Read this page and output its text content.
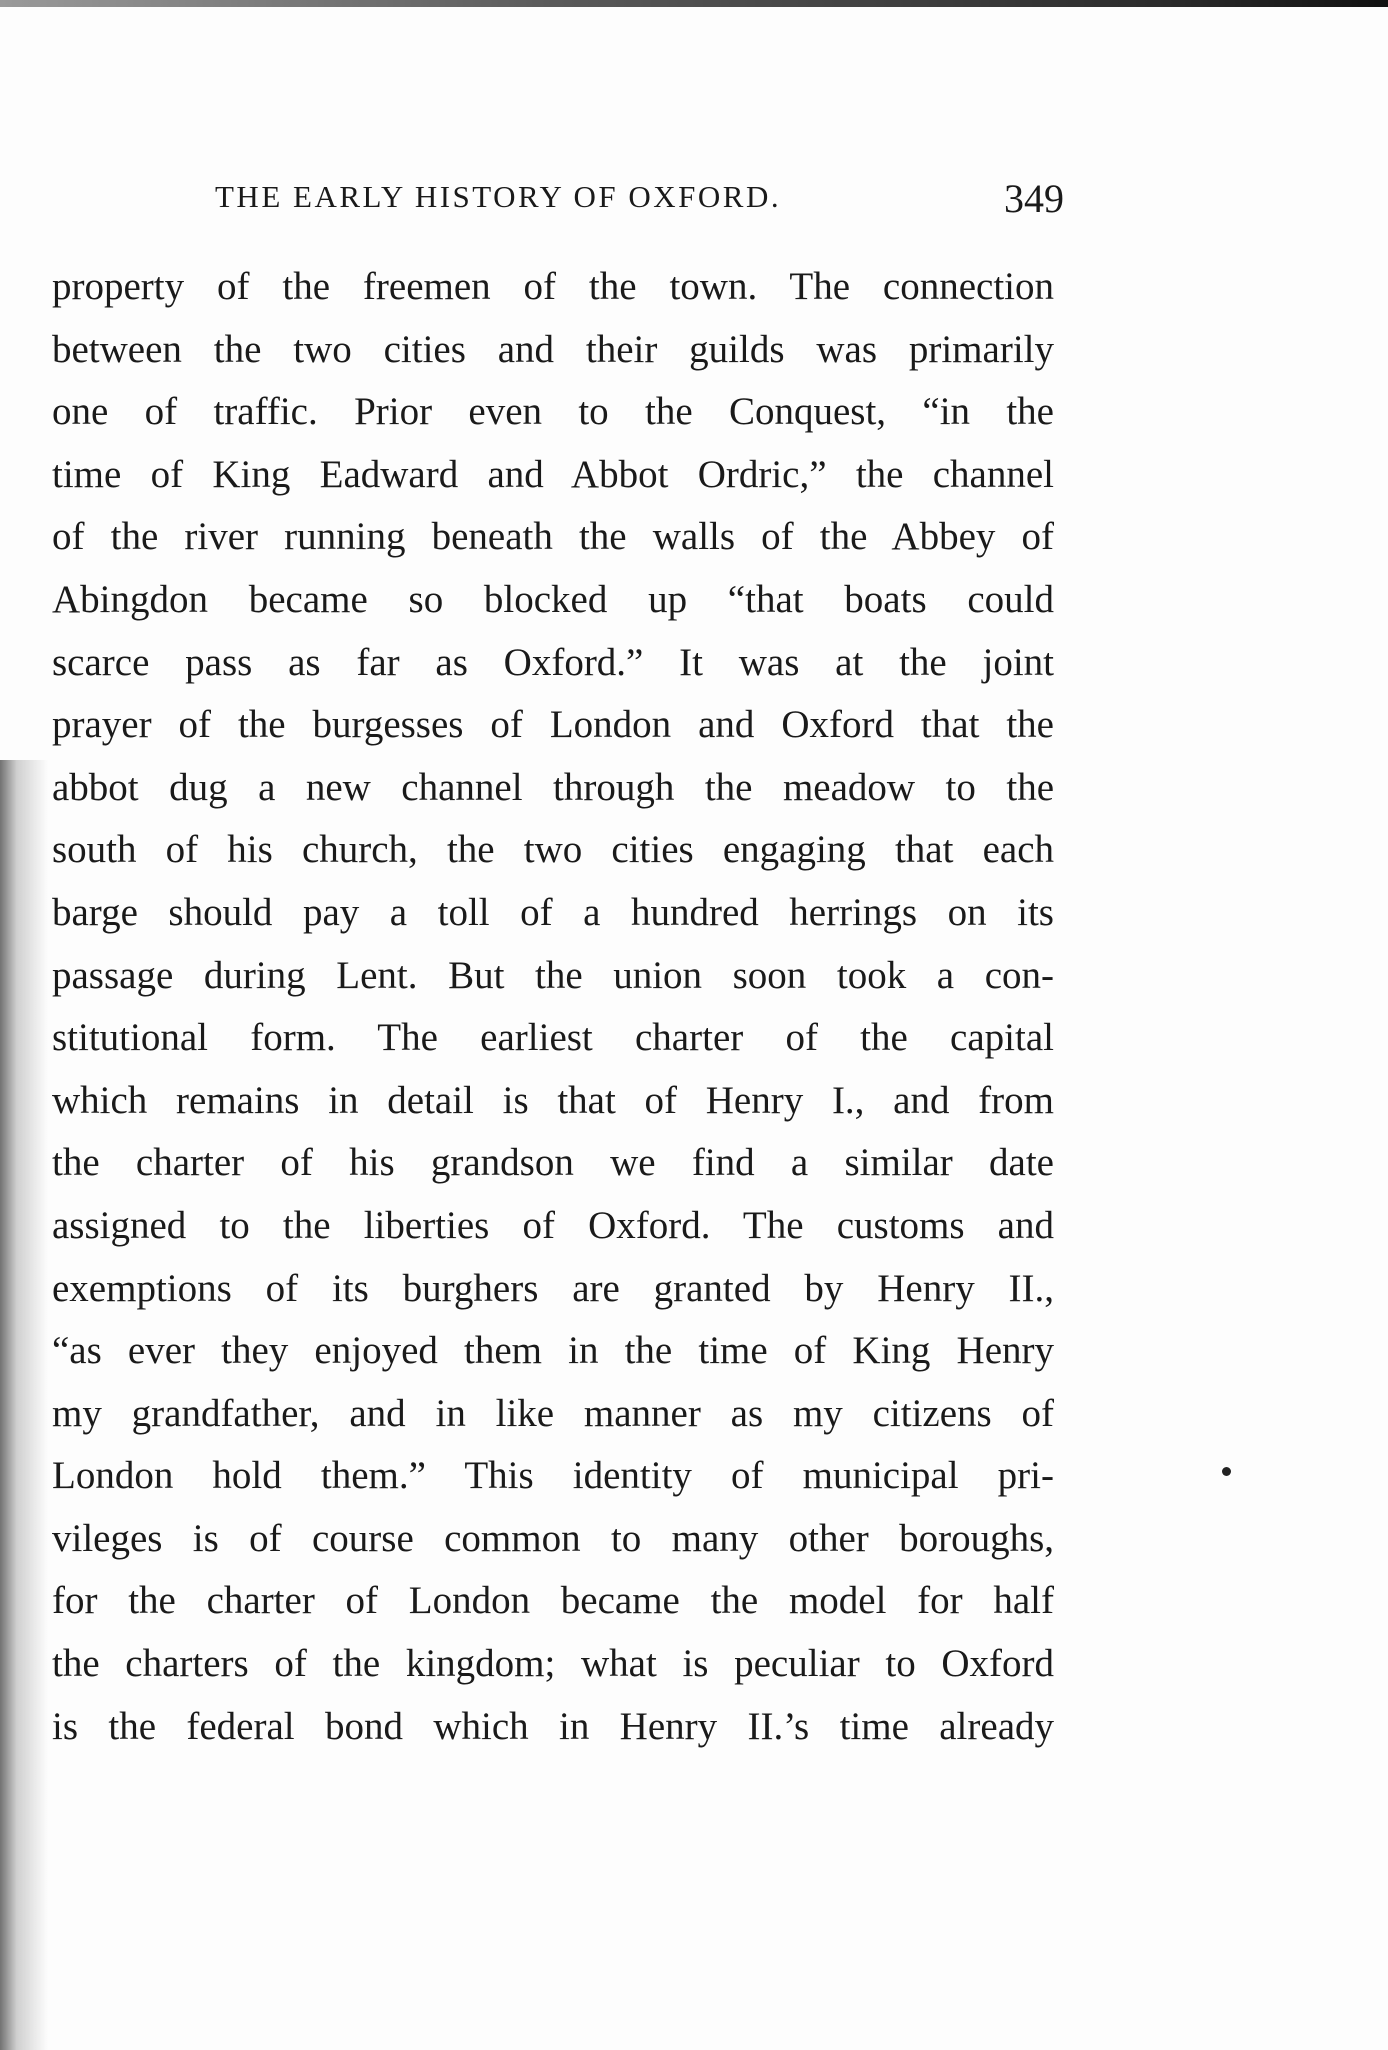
THE EARLY HISTORY OF OXFORD.	349
property of the freemen of the town. The connection
between the two cities and their guilds was primarily
one of traffic. Prior even to the Conquest, “in the
time of King Eadward and Abbot Ordric,” the channel
of the river running beneath the walls of the Abbey of
Abingdon became so blocked up “that boats could
scarce pass as far as Oxford.” It was at the joint
prayer of the burgesses of London and Oxford that the
abbot dug a new channel through the meadow to the
south of his church, the two cities engaging that each
barge should pay a toll of a hundred herrings on its
passage during Lent. But the union soon took a con-
stitutional form. The earliest charter of the capital
which remains in detail is that of Henry I., and from
the charter of his grandson we find a similar date
assigned to the liberties of Oxford. The customs and
exemptions of its burghers are granted by Henry II.,
“as ever they enjoyed them in the time of King Henry
my grandfather, and in like manner as my citizens of
London hold them.” This identity of municipal pri-
vileges is of course common to many other boroughs,
for the charter of London became the model for half
the charters of the kingdom; what is peculiar to Oxford
is the federal bond which in Henry II.’s time already
